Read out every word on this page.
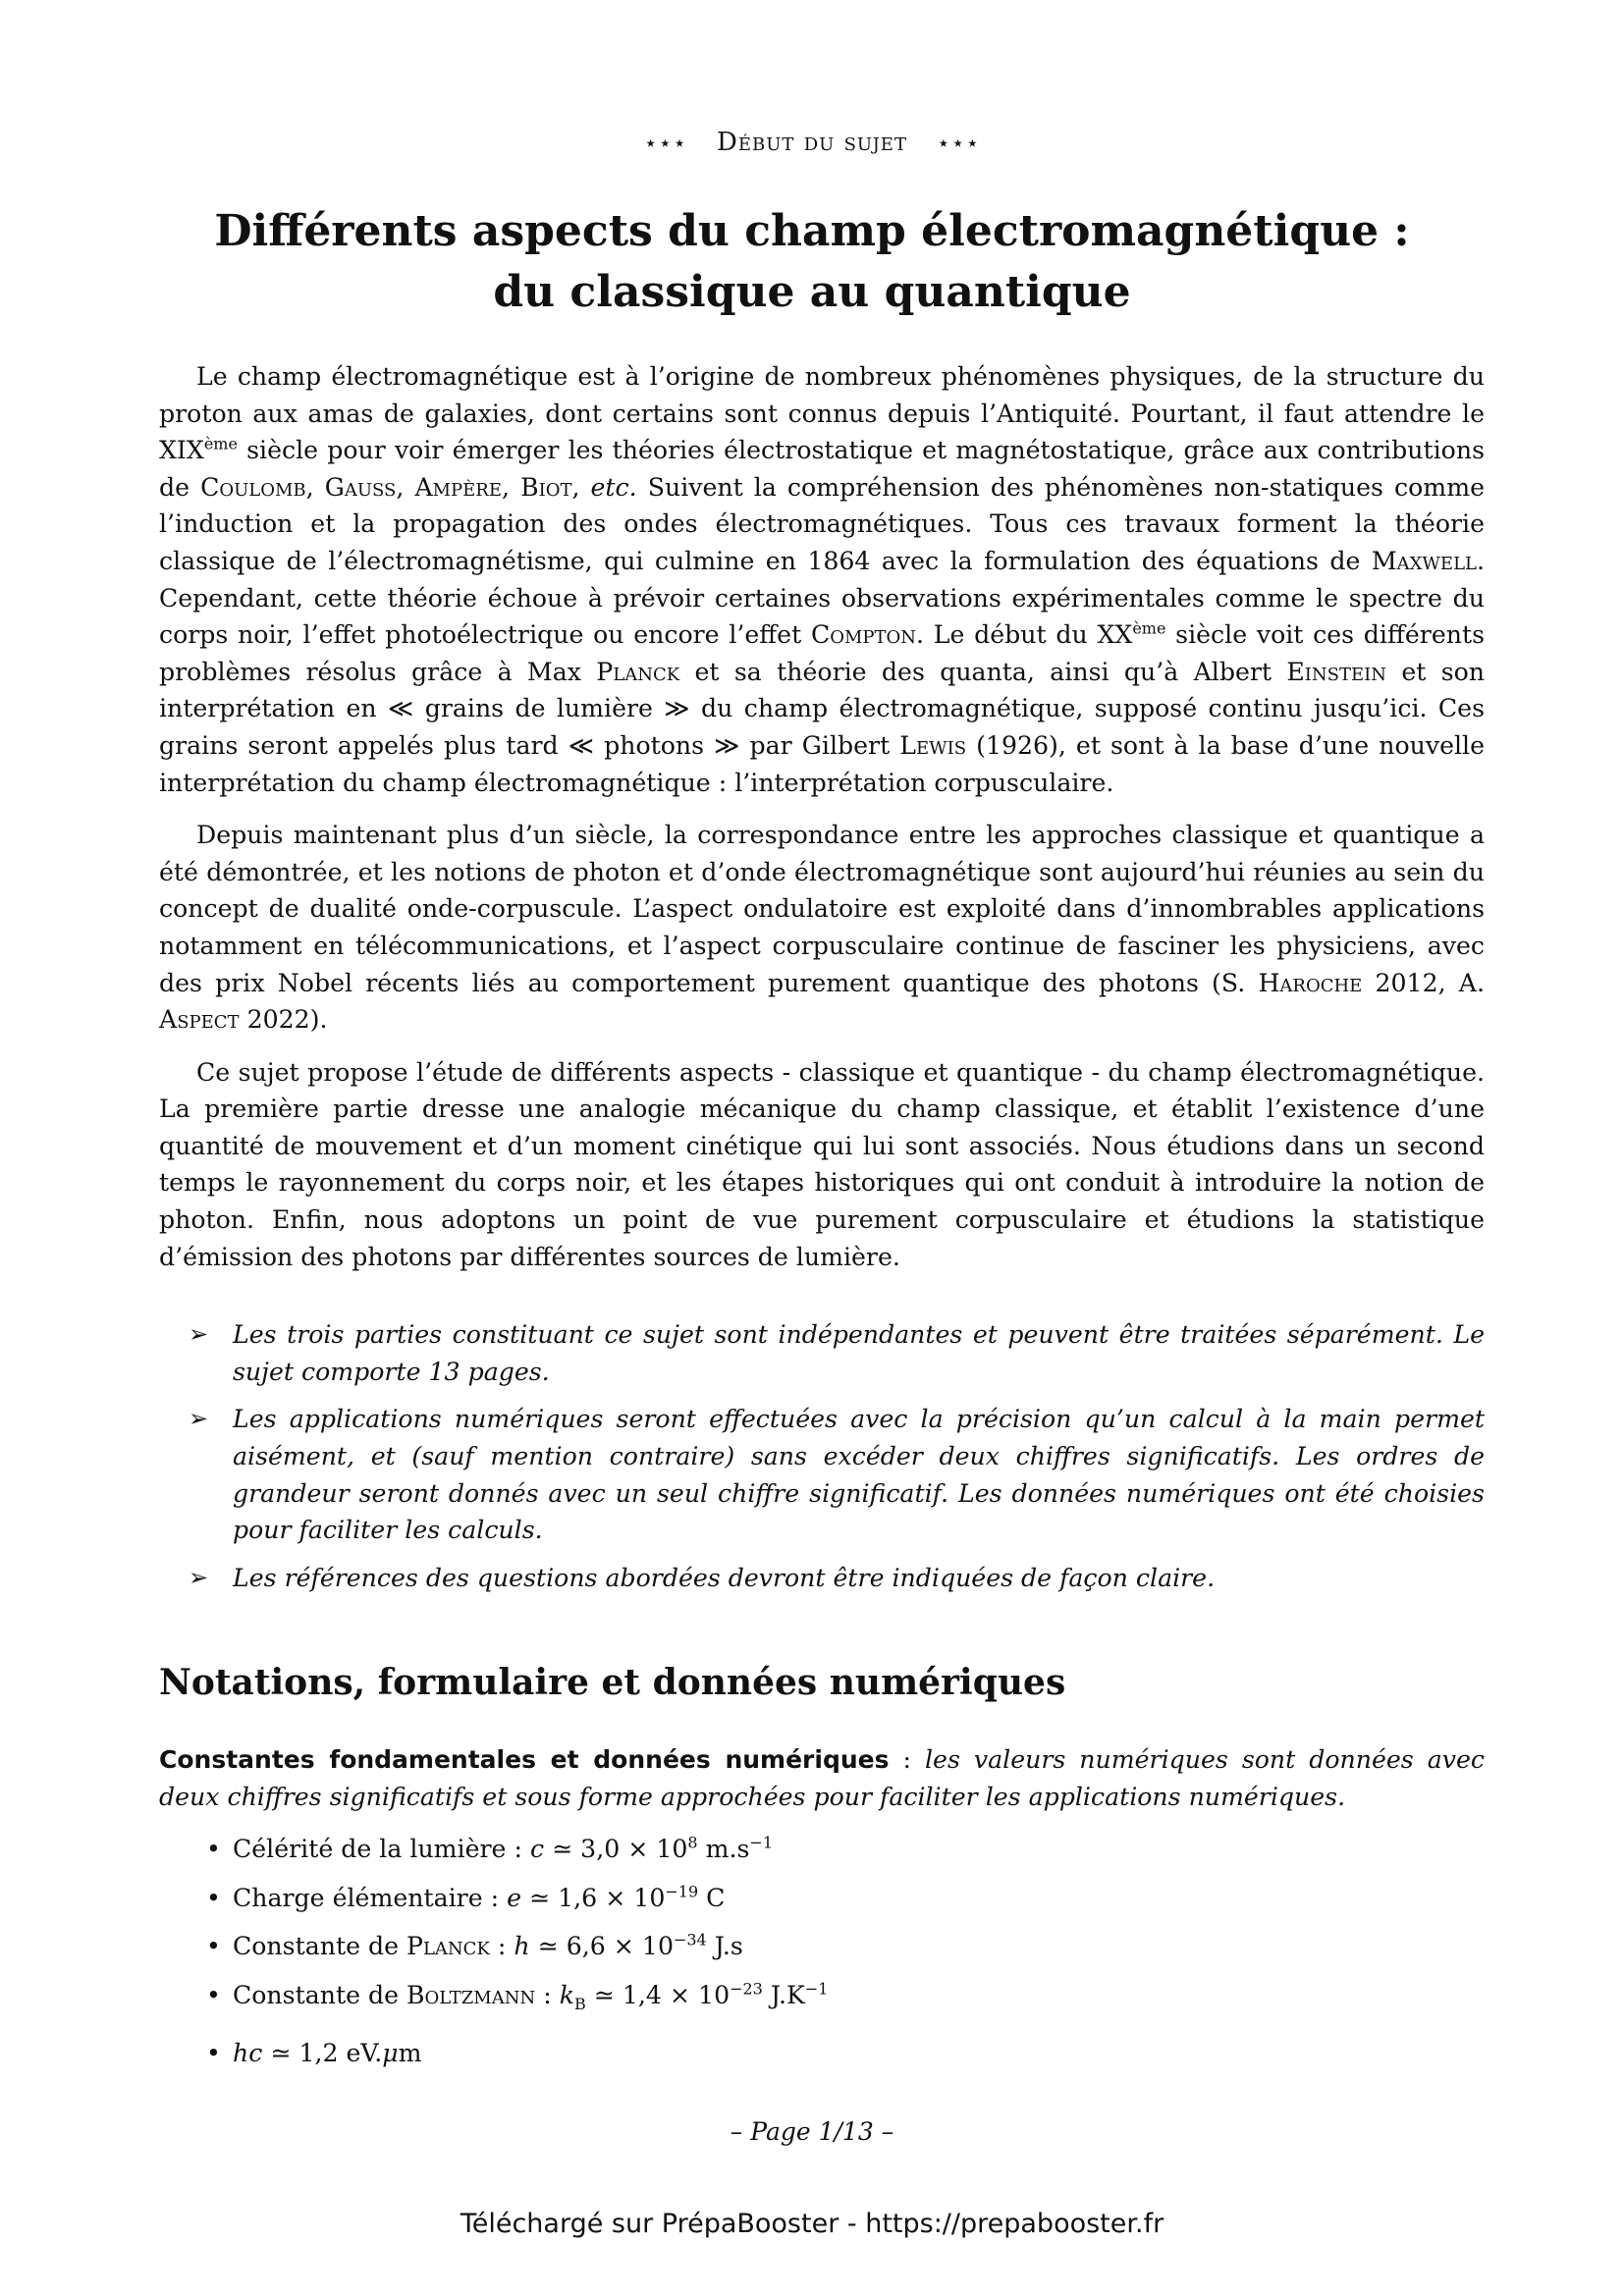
⋆⋆⋆ Début du sujet ⋆⋆⋆
Différents aspects du champ électromagnétique :
du classique au quantique

Le champ électromagnétique est à l’origine de nombreux phénomènes physiques, de la structure du proton aux amas de galaxies, dont certains sont connus depuis l’Antiquité. Pourtant, il faut attendre le XIXème siècle pour voir émerger les théories électrostatique et magnétostatique, grâce aux contributions de Coulomb, Gauss, Ampère, Biot, etc. Suivent la compréhension des phénomènes non-statiques comme l’induction et la propagation des ondes électromagnétiques. Tous ces travaux forment la théorie classique de l’électromagnétisme, qui culmine en 1864 avec la formulation des équations de Maxwell. Cependant, cette théorie échoue à prévoir certaines observations expérimentales comme le spectre du corps noir, l’effet photoélectrique ou encore l’effet Compton. Le début du XXème siècle voit ces différents problèmes résolus grâce à Max Planck et sa théorie des quanta, ainsi qu’à Albert Einstein et son interprétation en ≪ grains de lumière ≫ du champ électromagnétique, supposé continu jusqu’ici. Ces grains seront appelés plus tard ≪ photons ≫ par Gilbert Lewis (1926), et sont à la base d’une nouvelle interprétation du champ électromagnétique : l’interprétation corpusculaire.

Depuis maintenant plus d’un siècle, la correspondance entre les approches classique et quantique a été démontrée, et les notions de photon et d’onde électromagnétique sont aujourd’hui réunies au sein du concept de dualité onde-corpuscule. L’aspect ondulatoire est exploité dans d’innombrables applications notamment en télécommunications, et l’aspect corpusculaire continue de fasciner les physiciens, avec des prix Nobel récents liés au comportement purement quantique des photons (S. Haroche 2012, A. Aspect 2022).

Ce sujet propose l’étude de différents aspects - classique et quantique - du champ électromagnétique. La première partie dresse une analogie mécanique du champ classique, et établit l’existence d’une quantité de mouvement et d’un moment cinétique qui lui sont associés. Nous étudions dans un second temps le rayonnement du corps noir, et les étapes historiques qui ont conduit à introduire la notion de photon. Enfin, nous adoptons un point de vue purement corpusculaire et étudions la statistique d’émission des photons par différentes sources de lumière.

➢ Les trois parties constituant ce sujet sont indépendantes et peuvent être traitées séparément. Le sujet comporte 13 pages.
➢ Les applications numériques seront effectuées avec la précision qu’un calcul à la main permet aisément, et (sauf mention contraire) sans excéder deux chiffres significatifs. Les ordres de grandeur seront donnés avec un seul chiffre significatif. Les données numériques ont été choisies pour faciliter les calculs.
➢ Les références des questions abordées devront être indiquées de façon claire.
Notations, formulaire et données numériques

Constantes fondamentales et données numériques : les valeurs numériques sont données avec deux chiffres significatifs et sous forme approchées pour faciliter les applications numériques.

• Célérité de la lumière : c ≃ $3,0 \times 10^8$ $m.s^{-1}$
• Charge élémentaire : e ≃ $1,6 \times 10^{-19}$ C
• Constante de Planck : h ≃ $6,6 \times 10^{-34}$ J.s
• Constante de Boltzmann : $k_B$ ≃ $1,4 \times 10^{-23}$ $J.K^{-1}$
• hc ≃ 1,2 eV.μm
– Page 1/13 –
Téléchargé sur PrépaBooster - https://prepabooster.fr
